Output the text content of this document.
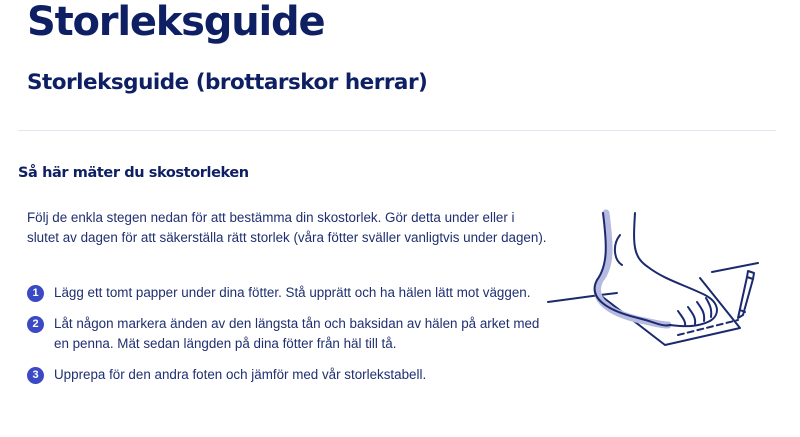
Storleksguide
Storleksguide (brottarskor herrar)
Så här mäter du skostorleken

Följ de enkla stegen nedan för att bestämma din skostorlek. Gör detta under eller i slutet av dagen för att säkerställa rätt storlek (våra fötter sväller vanligtvis under dagen).

1	Lägg ett tomt papper under dina fötter. Stå upprätt och ha hälen lätt mot väggen.
2	Låt någon markera änden av den längsta tån och baksidan av hälen på arket med en penna. Mät sedan längden på dina fötter från häl till tå.
3	Upprepa för den andra foten och jämför med vår storlekstabell.
